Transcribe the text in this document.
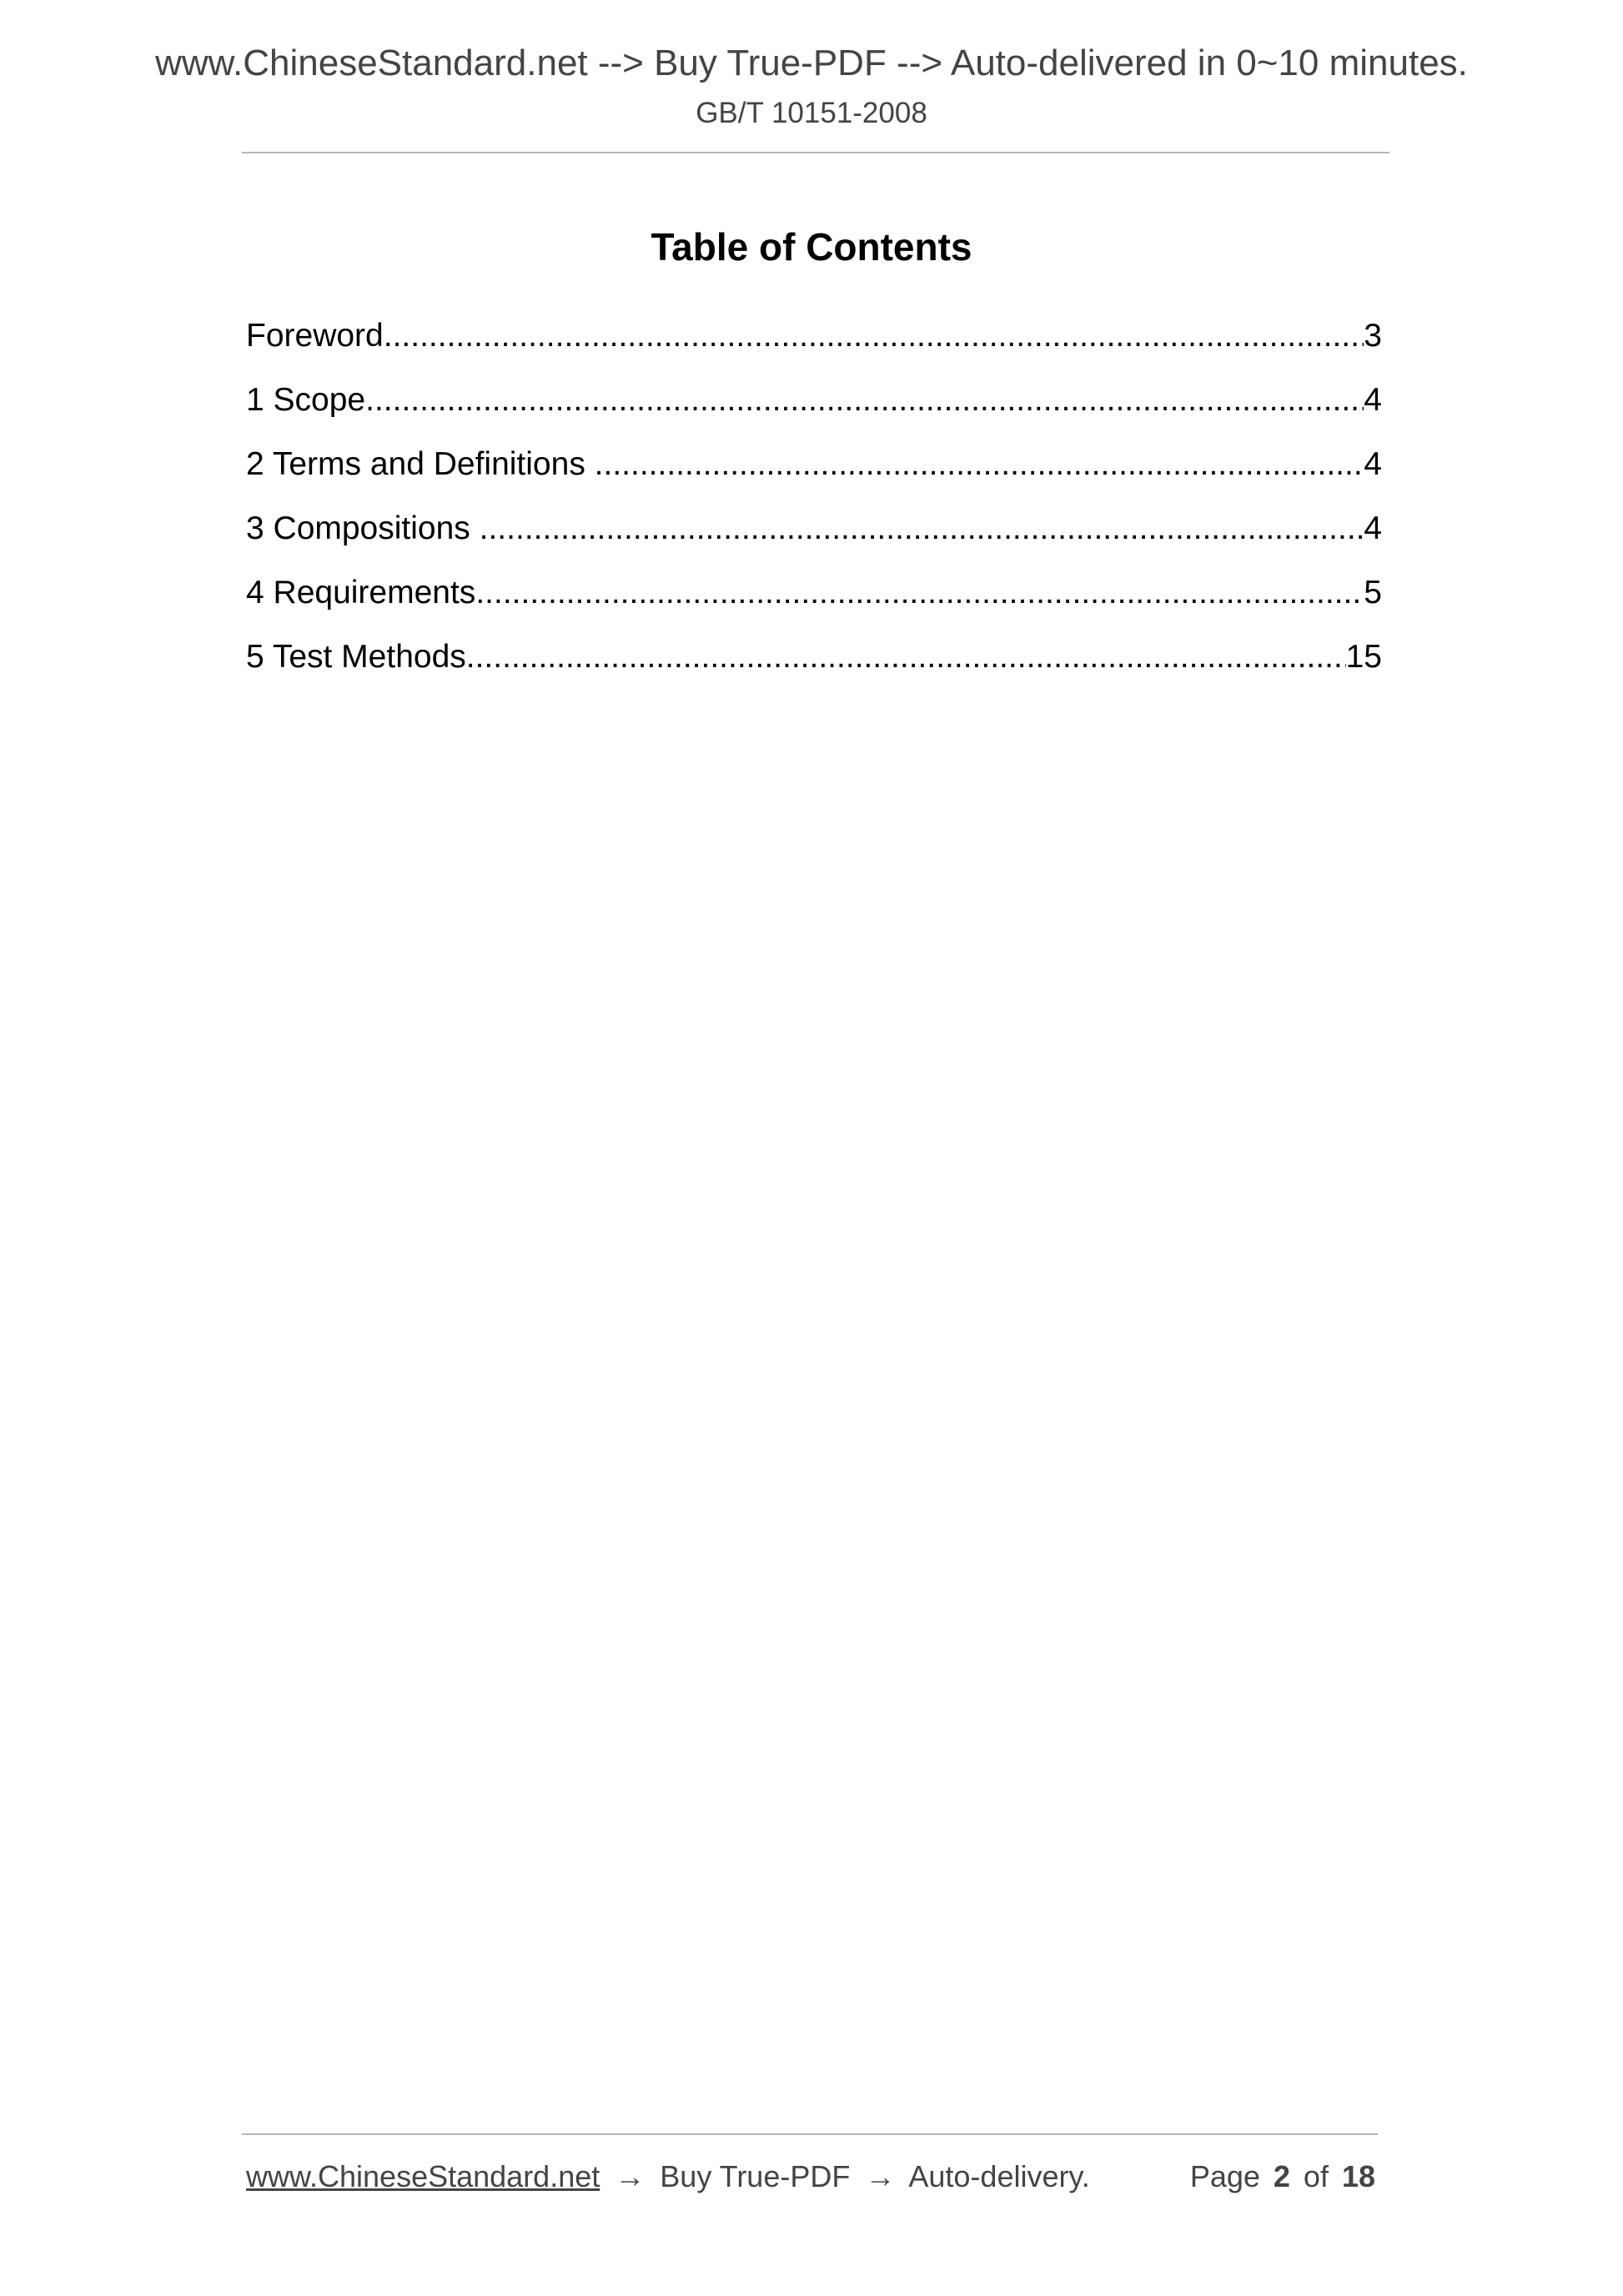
www.ChineseStandard.net --> Buy True-PDF --> Auto-delivered in 0~10 minutes.
GB/T 10151-2008
Table of Contents
Foreword .....	3
1 Scope .....	4
2 Terms and Definitions .....	4
3 Compositions .....	4
4 Requirements .....	5
5 Test Methods .....	15
www.ChineseStandard.net → Buy True-PDF → Auto-delivery.	Page 2 of 18
